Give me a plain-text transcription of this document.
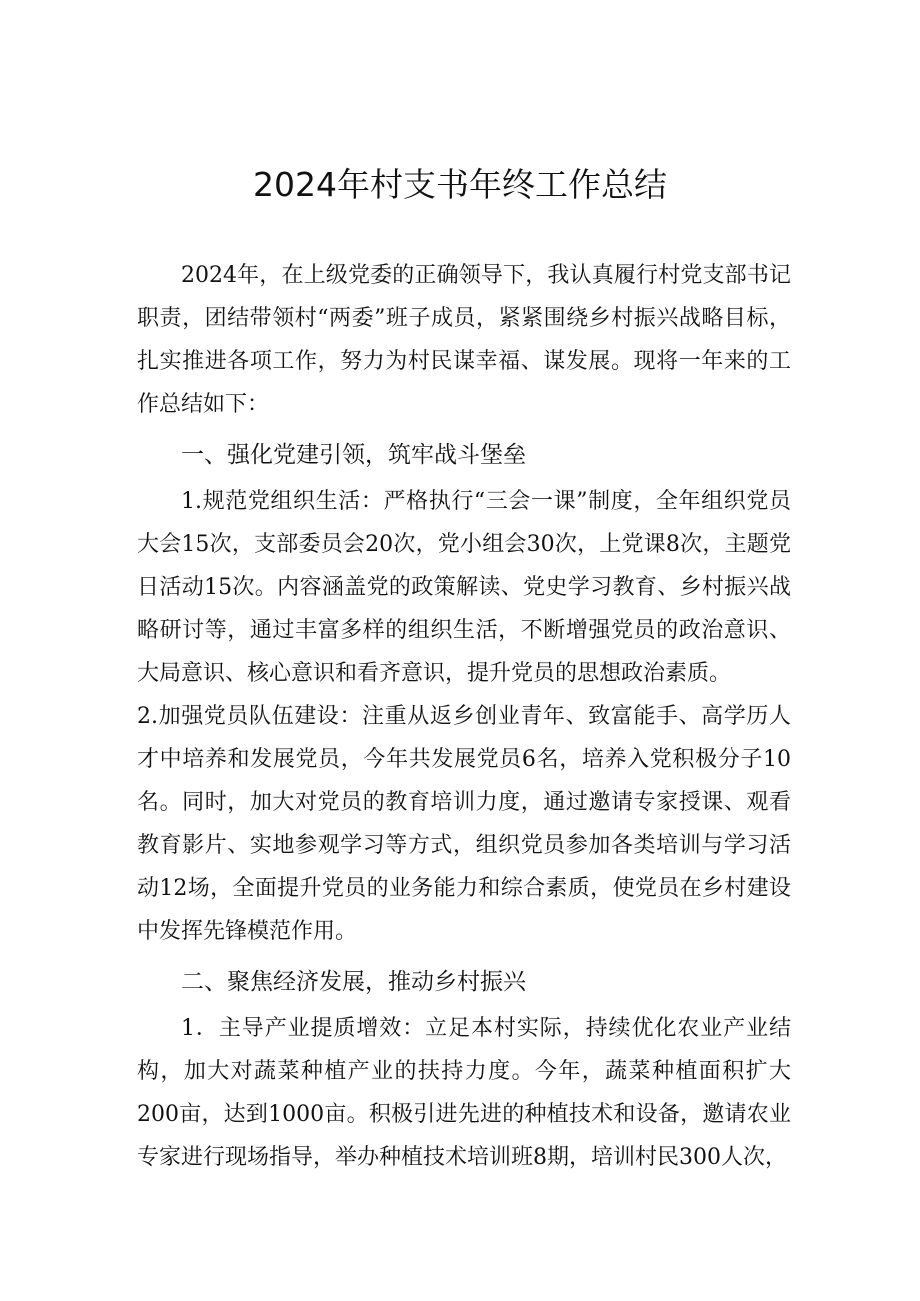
2024年村支书年终工作总结

2024年，在上级党委的正确领导下，我认真履行村党支部书记职责，团结带领村“两委”班子成员，紧紧围绕乡村振兴战略目标，扎实推进各项工作，努力为村民谋幸福、谋发展。现将一年来的工作总结如下：

一、强化党建引领，筑牢战斗堡垒

1.规范党组织生活：严格执行“三会一课”制度，全年组织党员大会15次，支部委员会20次，党小组会30次，上党课8次，主题党日活动15次。内容涵盖党的政策解读、党史学习教育、乡村振兴战略研讨等，通过丰富多样的组织生活，不断增强党员的政治意识、大局意识、核心意识和看齐意识，提升党员的思想政治素质。

2.加强党员队伍建设：注重从返乡创业青年、致富能手、高学历人才中培养和发展党员，今年共发展党员6名，培养入党积极分子10名。同时，加大对党员的教育培训力度，通过邀请专家授课、观看教育影片、实地参观学习等方式，组织党员参加各类培训与学习活动12场，全面提升党员的业务能力和综合素质，使党员在乡村建设中发挥先锋模范作用。

二、聚焦经济发展，推动乡村振兴

1．主导产业提质增效：立足本村实际，持续优化农业产业结构，加大对蔬菜种植产业的扶持力度。今年，蔬菜种植面积扩大200亩，达到1000亩。积极引进先进的种植技术和设备，邀请农业专家进行现场指导，举办种植技术培训班8期，培训村民300人次，
